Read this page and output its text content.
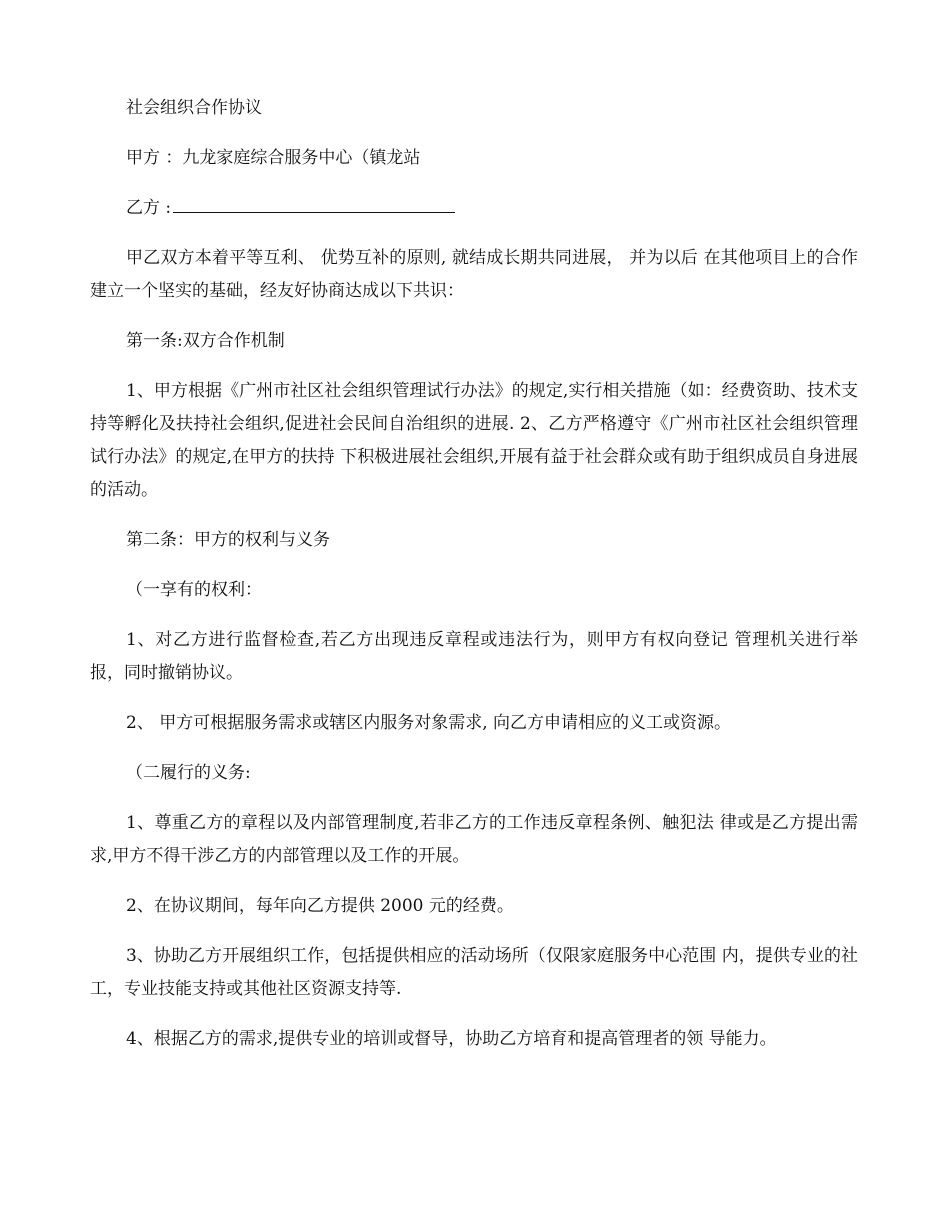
社会组织合作协议

甲方 ：九龙家庭综合服务中心（镇龙站

乙方 :

甲乙双方本着平等互利、 优势互补的原则, 就结成长期共同进展， 并为以后 在其他项目上的合作建立一个坚实的基础，经友好协商达成以下共识：

第一条:双方合作机制

1、甲方根据《广州市社区社会组织管理试行办法》的规定,实行相关措施（如：经费资助、技术支持等孵化及扶持社会组织,促进社会民间自治组织的进展. 2、乙方严格遵守《广州市社区社会组织管理试行办法》的规定,在甲方的扶持 下积极进展社会组织,开展有益于社会群众或有助于组织成员自身进展的活动。

第二条：甲方的权利与义务

（一享有的权利：

1、对乙方进行监督检查,若乙方出现违反章程或违法行为，则甲方有权向登记 管理机关进行举报，同时撤销协议。

2、 甲方可根据服务需求或辖区内服务对象需求, 向乙方申请相应的义工或资源。

（二履行的义务:

1、尊重乙方的章程以及内部管理制度,若非乙方的工作违反章程条例、触犯法 律或是乙方提出需求,甲方不得干涉乙方的内部管理以及工作的开展。

2、在协议期间，每年向乙方提供 2000 元的经费。

3、协助乙方开展组织工作，包括提供相应的活动场所（仅限家庭服务中心范围 内，提供专业的社工，专业技能支持或其他社区资源支持等.

4、根据乙方的需求,提供专业的培训或督导，协助乙方培育和提高管理者的领 导能力。
